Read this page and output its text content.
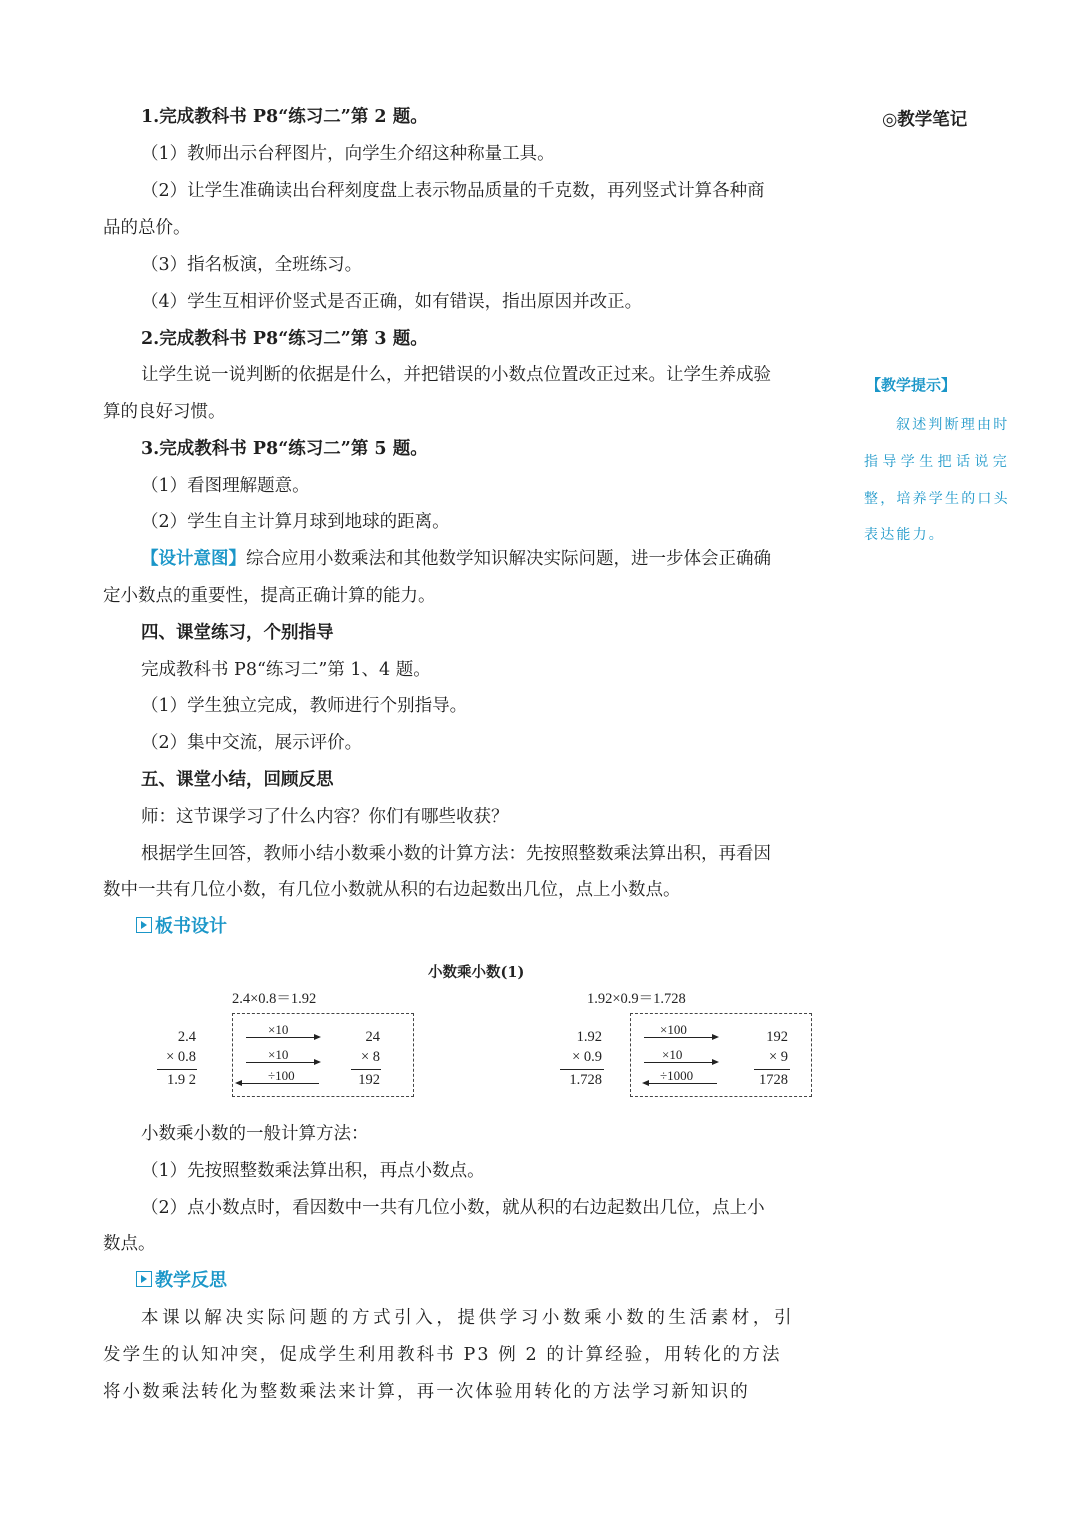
1.完成教科书 P8“练习二”第 2 题。
（1）教师出示台秤图片，向学生介绍这种称量工具。
（2）让学生准确读出台秤刻度盘上表示物品质量的千克数，再列竖式计算各种商
品的总价。
（3）指名板演，全班练习。
（4）学生互相评价竖式是否正确，如有错误，指出原因并改正。
2.完成教科书 P8“练习二”第 3 题。
让学生说一说判断的依据是什么，并把错误的小数点位置改正过来。让学生养成验
算的良好习惯。
3.完成教科书 P8“练习二”第 5 题。
（1）看图理解题意。
（2）学生自主计算月球到地球的距离。
【设计意图】综合应用小数乘法和其他数学知识解决实际问题，进一步体会正确确
定小数点的重要性，提高正确计算的能力。
四、课堂练习，个别指导
完成教科书 P8“练习二”第 1、4 题。
（1）学生独立完成，教师进行个别指导。
（2）集中交流，展示评价。
五、课堂小结，回顾反思
师：这节课学习了什么内容？你们有哪些收获？
根据学生回答，教师小结小数乘小数的计算方法：先按照整数乘法算出积，再看因
数中一共有几位小数，有几位小数就从积的右边起数出几位，点上小数点。
板书设计
小数乘小数的一般计算方法：
（1）先按照整数乘法算出积，再点小数点。
（2）点小数点时，看因数中一共有几位小数，就从积的右边起数出几位，点上小
数点。
教学反思
本课以解决实际问题的方式引入，提供学习小数乘小数的生活素材，引
发学生的认知冲突，促成学生利用教科书 P3 例 2 的计算经验，用转化的方法
将小数乘法转化为整数乘法来计算，再一次体验用转化的方法学习新知识的
◎教学笔记
【教学提示】
叙述判断理由时
指导学生把话说完
整，培养学生的口头
表达能力。
小数乘小数(1)
2.4×0.8＝1.92
2.4
× 0.8
1.9 2
×10
×10
÷100
24
× 8
192
1.92×0.9＝1.728
1.92
× 0.9
1.728
×100
×10
÷1000
192
× 9
1728
